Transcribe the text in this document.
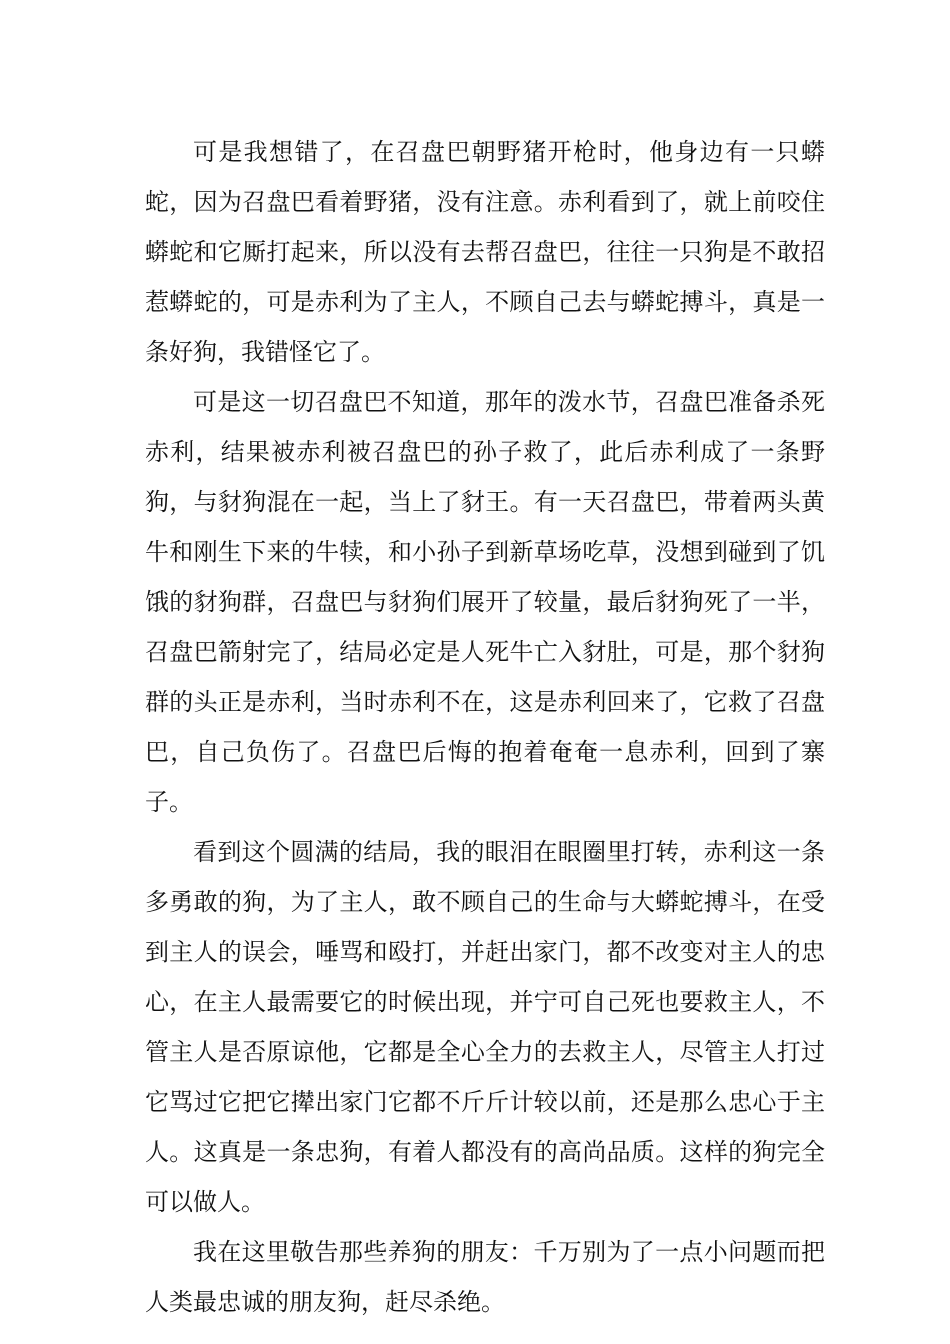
可是我想错了，在召盘巴朝野猪开枪时，他身边有一只蟒蛇，因为召盘巴看着野猪，没有注意。赤利看到了，就上前咬住蟒蛇和它厮打起来，所以没有去帮召盘巴，往往一只狗是不敢招惹蟒蛇的，可是赤利为了主人，不顾自己去与蟒蛇搏斗，真是一条好狗，我错怪它了。

可是这一切召盘巴不知道，那年的泼水节，召盘巴准备杀死赤利，结果被赤利被召盘巴的孙子救了，此后赤利成了一条野狗，与豺狗混在一起，当上了豺王。有一天召盘巴，带着两头黄牛和刚生下来的牛犊，和小孙子到新草场吃草，没想到碰到了饥饿的豺狗群，召盘巴与豺狗们展开了较量，最后豺狗死了一半，召盘巴箭射完了，结局必定是人死牛亡入豺肚，可是，那个豺狗群的头正是赤利，当时赤利不在，这是赤利回来了，它救了召盘巴，自己负伤了。召盘巴后悔的抱着奄奄一息赤利，回到了寨子。

看到这个圆满的结局，我的眼泪在眼圈里打转，赤利这一条多勇敢的狗，为了主人，敢不顾自己的生命与大蟒蛇搏斗，在受到主人的误会，唾骂和殴打，并赶出家门，都不改变对主人的忠心，在主人最需要它的时候出现，并宁可自己死也要救主人，不管主人是否原谅他，它都是全心全力的去救主人，尽管主人打过它骂过它把它撵出家门它都不斤斤计较以前，还是那么忠心于主人。这真是一条忠狗，有着人都没有的高尚品质。这样的狗完全可以做人。

我在这里敬告那些养狗的朋友：千万别为了一点小问题而把人类最忠诚的朋友狗，赶尽杀绝。
